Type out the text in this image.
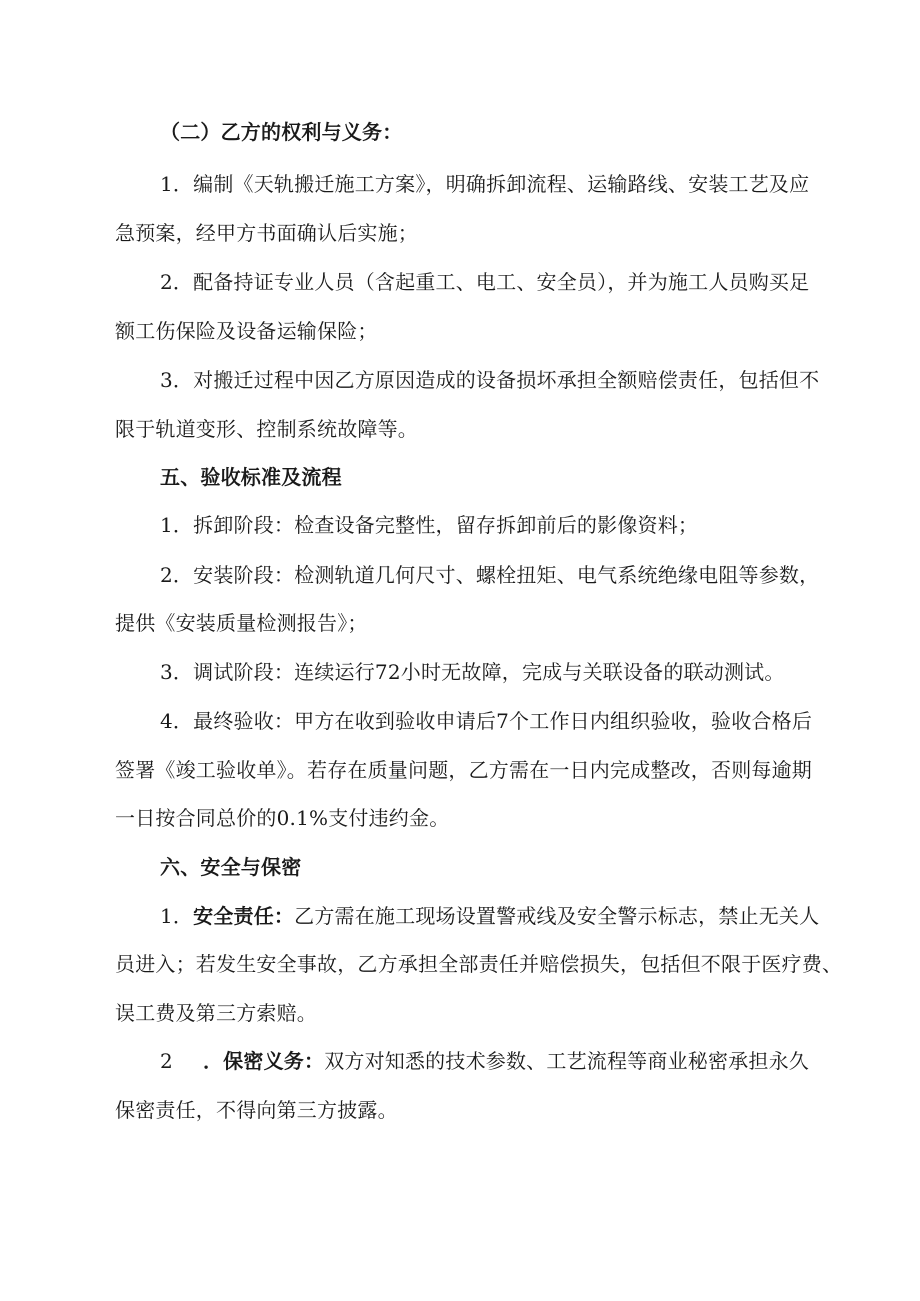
（二）乙方的权利与义务：
1．编制《天轨搬迁施工方案》，明确拆卸流程、运输路线、安装工艺及应
急预案，经甲方书面确认后实施；
2．配备持证专业人员（含起重工、电工、安全员），并为施工人员购买足
额工伤保险及设备运输保险；
3．对搬迁过程中因乙方原因造成的设备损坏承担全额赔偿责任，包括但不
限于轨道变形、控制系统故障等。
五、验收标准及流程
1．拆卸阶段：检查设备完整性，留存拆卸前后的影像资料；
2．安装阶段：检测轨道几何尺寸、螺栓扭矩、电气系统绝缘电阻等参数，
提供《安装质量检测报告》；
3．调试阶段：连续运行72小时无故障，完成与关联设备的联动测试。
4．最终验收：甲方在收到验收申请后7个工作日内组织验收，验收合格后
签署《竣工验收单》。若存在质量问题，乙方需在一日内完成整改，否则每逾期
一日按合同总价的0.1%支付违约金。
六、安全与保密
1． 安全责任： 乙方需在施工现场设置警戒线及安全警示标志，禁止无关人
员进入；若发生安全事故，乙方承担全部责任并赔偿损失，包括但不限于医疗费、
误工费及第三方索赔。
2 ．保密义务： 双方对知悉的技术参数、工艺流程等商业秘密承担永久
保密责任，不得向第三方披露。
